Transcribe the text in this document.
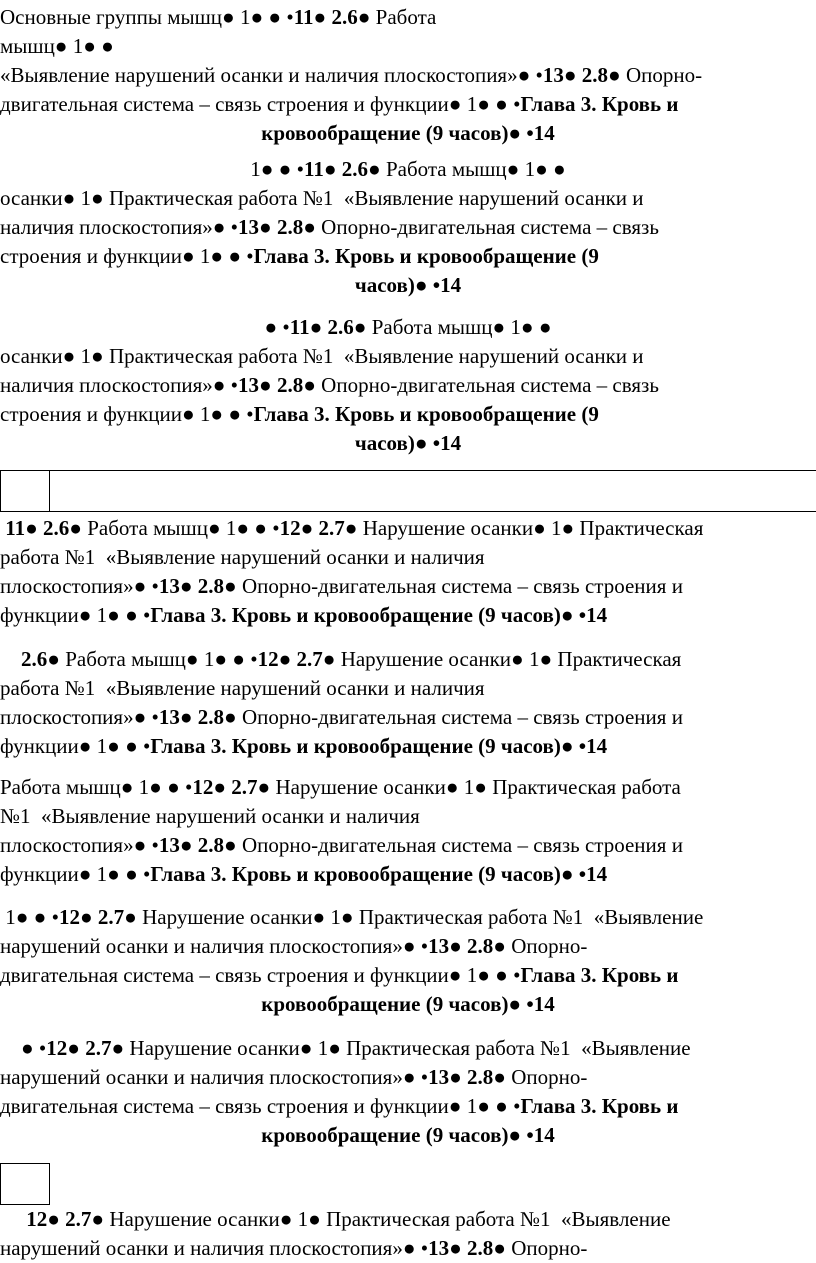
Основные группы мышц● 1● ● •11● 2.6● Работа
мышц● 1● ●
«Выявление нарушений осанки и наличия плоскостопия»● •13● 2.8● Опорно-
двигательная система – связь строения и функции● 1● ● •Глава 3. Кровь и
кровообращение (9 часов)● •14
1● ● •11● 2.6● Работа мышц● 1● ●
осанки● 1● Практическая работа №1  «Выявление нарушений осанки и
наличия плоскостопия»● •13● 2.8● Опорно-двигательная система – связь
строения и функции● 1● ● •Глава 3. Кровь и кровообращение (9
часов)● •14
● •11● 2.6● Работа мышц● 1● ●
осанки● 1● Практическая работа №1  «Выявление нарушений осанки и
наличия плоскостопия»● •13● 2.8● Опорно-двигательная система – связь
строения и функции● 1● ● •Глава 3. Кровь и кровообращение (9
часов)● •14
11● 2.6● Работа мышц● 1● ● •12● 2.7● Нарушение осанки● 1● Практическая
работа №1  «Выявление нарушений осанки и наличия
плоскостопия»● •13● 2.8● Опорно-двигательная система – связь строения и
функции● 1● ● •Глава 3. Кровь и кровообращение (9 часов)● •14
2.6● Работа мышц● 1● ● •12● 2.7● Нарушение осанки● 1● Практическая
работа №1  «Выявление нарушений осанки и наличия
плоскостопия»● •13● 2.8● Опорно-двигательная система – связь строения и
функции● 1● ● •Глава 3. Кровь и кровообращение (9 часов)● •14
Работа мышц● 1● ● •12● 2.7● Нарушение осанки● 1● Практическая работа
№1  «Выявление нарушений осанки и наличия
плоскостопия»● •13● 2.8● Опорно-двигательная система – связь строения и
функции● 1● ● •Глава 3. Кровь и кровообращение (9 часов)● •14
1● ● •12● 2.7● Нарушение осанки● 1● Практическая работа №1  «Выявление
нарушений осанки и наличия плоскостопия»● •13● 2.8● Опорно-
двигательная система – связь строения и функции● 1● ● •Глава 3. Кровь и
кровообращение (9 часов)● •14
● •12● 2.7● Нарушение осанки● 1● Практическая работа №1  «Выявление
нарушений осанки и наличия плоскостопия»● •13● 2.8● Опорно-
двигательная система – связь строения и функции● 1● ● •Глава 3. Кровь и
кровообращение (9 часов)● •14
12● 2.7● Нарушение осанки● 1● Практическая работа №1  «Выявление
нарушений осанки и наличия плоскостопия»● •13● 2.8● Опорно-
